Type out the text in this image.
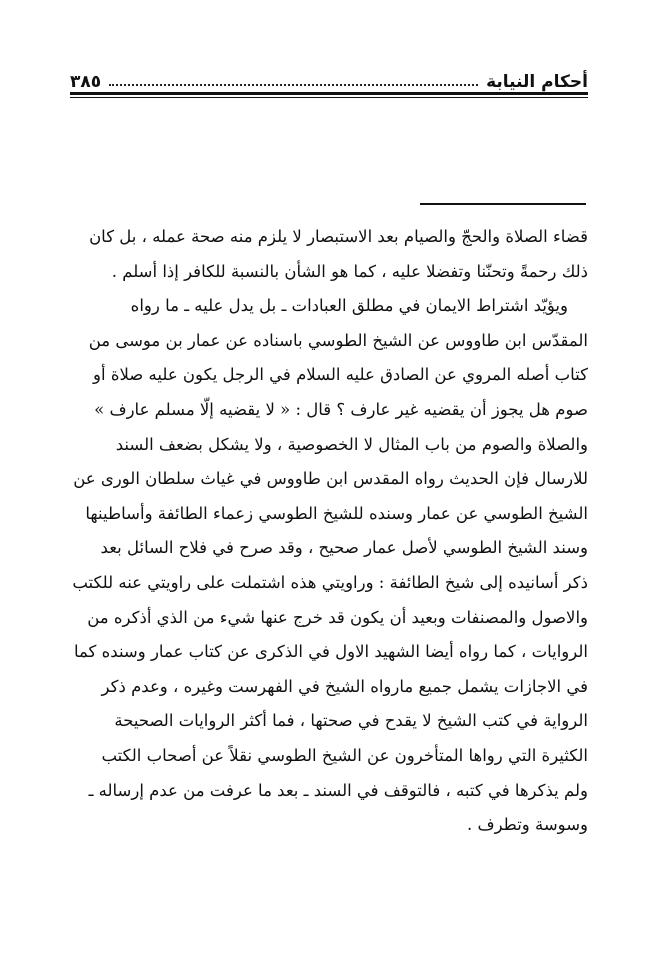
أحكام النيابة
٣٨٥
قضاء الصلاة والحجّ والصيام بعد الاستبصار لا يلزم منه صحة عمله ، بل كان
ذلك رحمةً وتحنّنا وتفضلا عليه ، كما هو الشأن بالنسبة للكافر إذا أسلم .
ويؤيّد اشتراط الايمان في مطلق العبادات ـ بل يدل عليه ـ ما رواه
المقدّس ابن طاووس عن الشيخ الطوسي باسناده عن عمار بن موسى من
كتاب أصله المروي عن الصادق عليه السلام في الرجل يكون عليه صلاة أو
صوم هل يجوز أن يقضيه غير عارف ؟ قال : « لا يقضيه إلّا مسلم عارف »
والصلاة والصوم من باب المثال لا الخصوصية ، ولا يشكل بضعف السند
للارسال فإن الحديث رواه المقدس ابن طاووس في غياث سلطان الورى عن
الشيخ الطوسي عن عمار وسنده للشيخ الطوسي زعماء الطائفة وأساطينها
وسند الشيخ الطوسي لأصل عمار صحيح ، وقد صرح في فلاح السائل بعد
ذكر أسانيده إلى شيخ الطائفة : وراويتي هذه اشتملت على راويتي عنه للكتب
والاصول والمصنفات وبعيد أن يكون قد خرج عنها شيء من الذي أذكره من
الروايات ، كما رواه أيضا الشهيد الاول في الذكرى عن كتاب عمار وسنده كما
في الاجازات يشمل جميع مارواه الشيخ في الفهرست وغيره ، وعدم ذكر
الرواية في كتب الشيخ لا يقدح في صحتها ، فما أكثر الروايات الصحيحة
الكثيرة التي رواها المتأخرون عن الشيخ الطوسي نقلاً عن أصحاب الكتب
ولم يذكرها في كتبه ، فالتوقف في السند ـ بعد ما عرفت من عدم إرساله ـ
وسوسة وتطرف .
